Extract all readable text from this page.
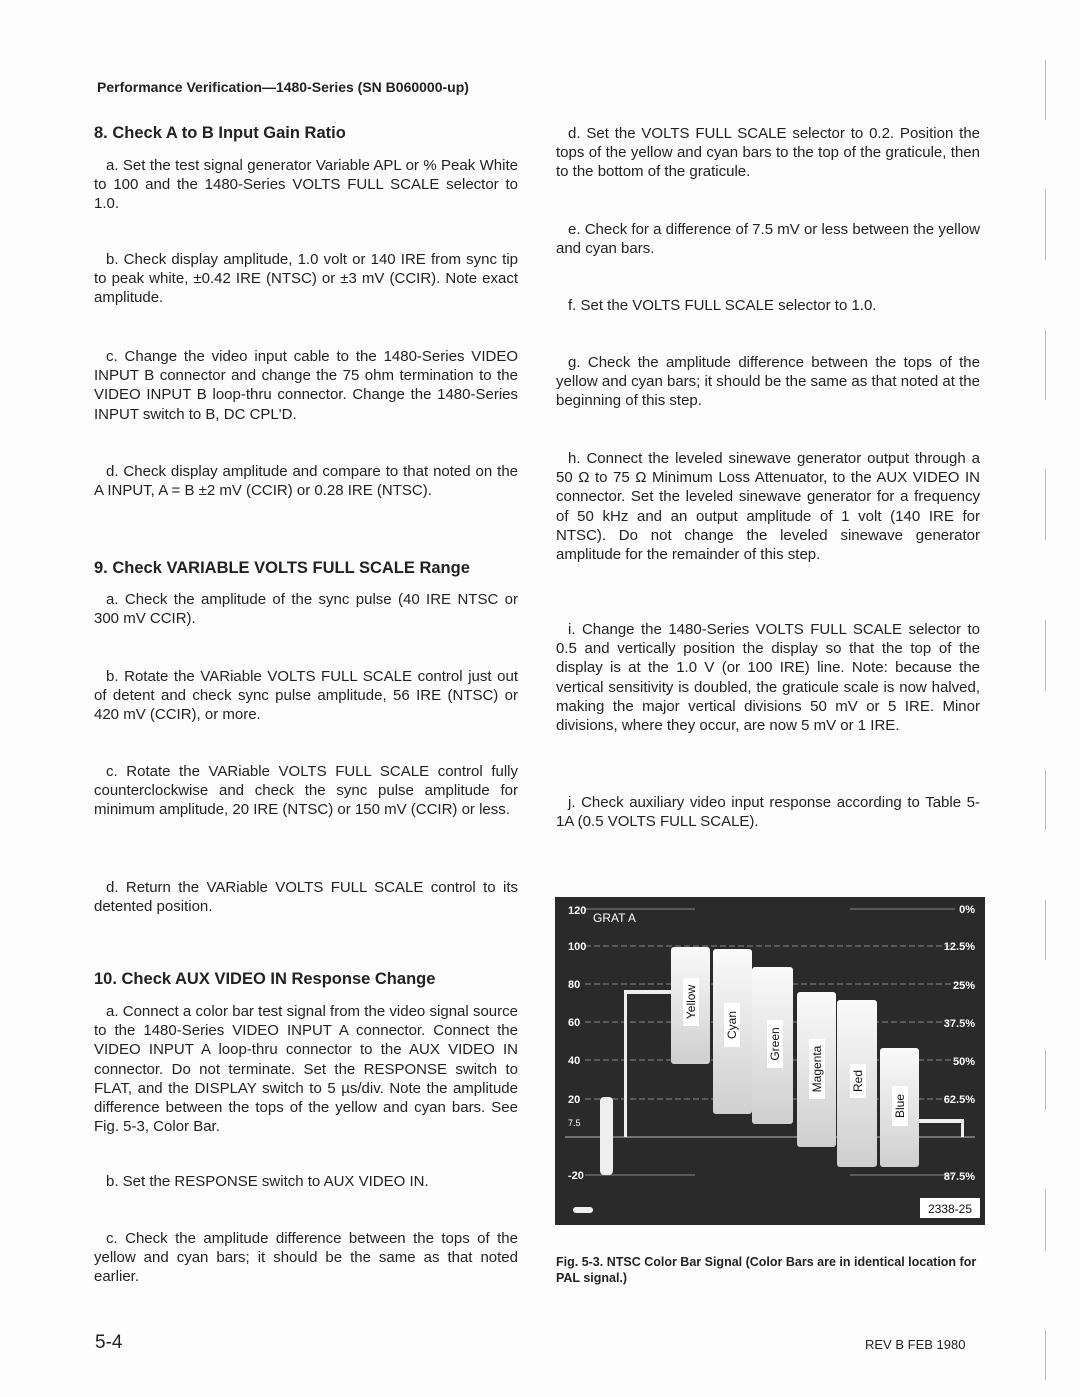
Performance Verification—1480-Series (SN B060000-up)
8. Check A to B Input Gain Ratio
a. Set the test signal generator Variable APL or % Peak White to 100 and the 1480-Series VOLTS FULL SCALE selector to 1.0.
b. Check display amplitude, 1.0 volt or 140 IRE from sync tip to peak white, ±0.42 IRE (NTSC) or ±3 mV (CCIR). Note exact amplitude.
c. Change the video input cable to the 1480-Series VIDEO INPUT B connector and change the 75 ohm termination to the VIDEO INPUT B loop-thru connector. Change the 1480-Series INPUT switch to B, DC CPL'D.
d. Check display amplitude and compare to that noted on the A INPUT, A = B ±2 mV (CCIR) or 0.28 IRE (NTSC).
9. Check VARIABLE VOLTS FULL SCALE Range
a. Check the amplitude of the sync pulse (40 IRE NTSC or 300 mV CCIR).
b. Rotate the VARiable VOLTS FULL SCALE control just out of detent and check sync pulse amplitude, 56 IRE (NTSC) or 420 mV (CCIR), or more.
c. Rotate the VARiable VOLTS FULL SCALE control fully counterclockwise and check the sync pulse amplitude for minimum amplitude, 20 IRE (NTSC) or 150 mV (CCIR) or less.
d. Return the VARiable VOLTS FULL SCALE control to its detented position.
10. Check AUX VIDEO IN Response Change
a. Connect a color bar test signal from the video signal source to the 1480-Series VIDEO INPUT A connector. Connect the VIDEO INPUT A loop-thru connector to the AUX VIDEO IN connector. Do not terminate. Set the RESPONSE switch to FLAT, and the DISPLAY switch to 5 µs/div. Note the amplitude difference between the tops of the yellow and cyan bars. See Fig. 5-3, Color Bar.
b. Set the RESPONSE switch to AUX VIDEO IN.
c. Check the amplitude difference between the tops of the yellow and cyan bars; it should be the same as that noted earlier.
d. Set the VOLTS FULL SCALE selector to 0.2. Position the tops of the yellow and cyan bars to the top of the graticule, then to the bottom of the graticule.
e. Check for a difference of 7.5 mV or less between the yellow and cyan bars.
f. Set the VOLTS FULL SCALE selector to 1.0.
g. Check the amplitude difference between the tops of the yellow and cyan bars; it should be the same as that noted at the beginning of this step.
h. Connect the leveled sinewave generator output through a 50 Ω to 75 Ω Minimum Loss Attenuator, to the AUX VIDEO IN connector. Set the leveled sinewave generator for a frequency of 50 kHz and an output amplitude of 1 volt (140 IRE for NTSC). Do not change the leveled sinewave generator amplitude for the remainder of this step.
i. Change the 1480-Series VOLTS FULL SCALE selector to 0.5 and vertically position the display so that the top of the display is at the 1.0 V (or 100 IRE) line. Note: because the vertical sensitivity is doubled, the graticule scale is now halved, making the major vertical divisions 50 mV or 5 IRE. Minor divisions, where they occur, are now 5 mV or 1 IRE.
j. Check auxiliary video input response according to Table 5-1A (0.5 VOLTS FULL SCALE).
120
100
80
60
40
20
7.5
-20
GRAT A
0%
12.5%
25%
37.5%
50%
62.5%
87.5%
Yellow
Cyan
Green
Magenta Red
Blue
2338-25
Fig. 5-3. NTSC Color Bar Signal (Color Bars are in identical location for PAL signal.)
5-4	REV B FEB 1980
